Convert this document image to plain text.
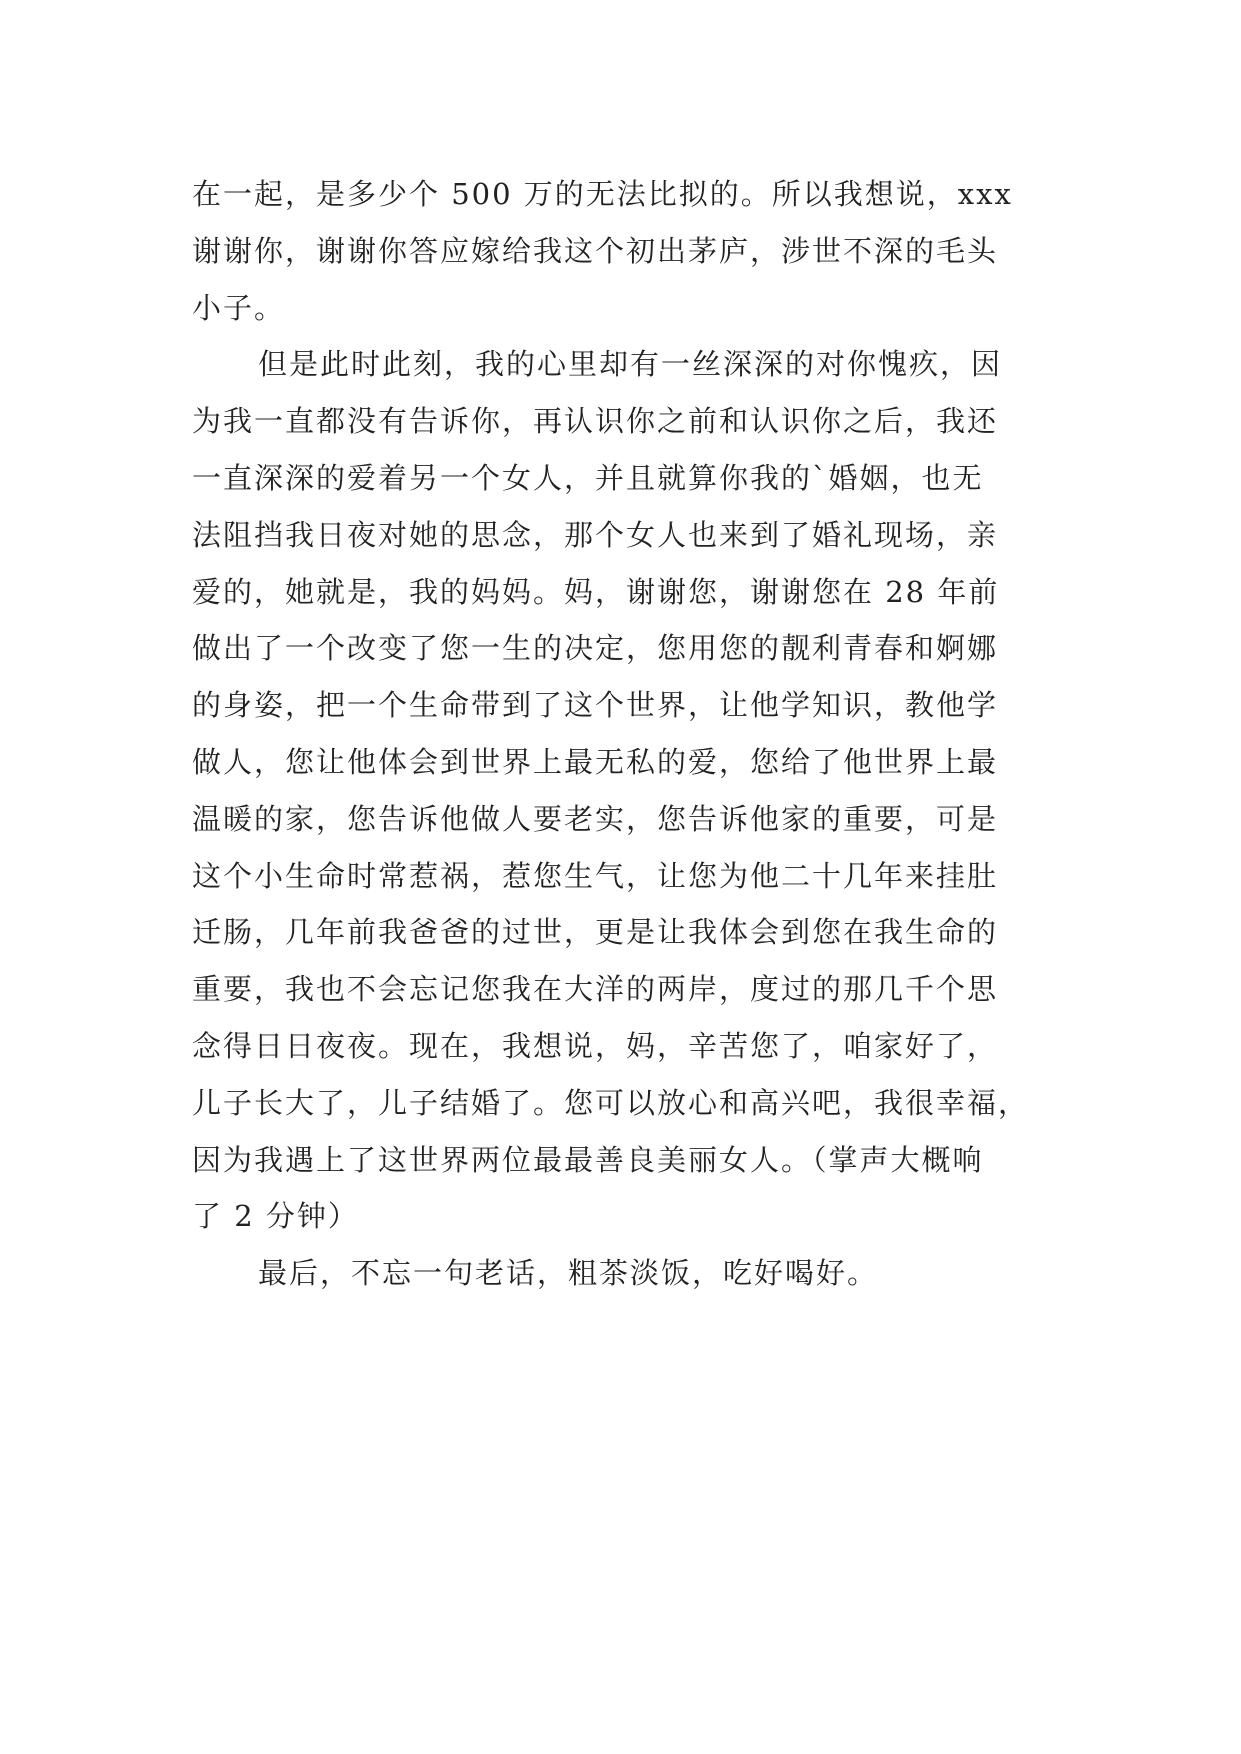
在一起，是多少个 500 万的无法比拟的。所以我想说，xxx
谢谢你，谢谢你答应嫁给我这个初出茅庐，涉世不深的毛头
小子。
但是此时此刻，我的心里却有一丝深深的对你愧疚，因
为我一直都没有告诉你，再认识你之前和认识你之后，我还
一直深深的爱着另一个女人，并且就算你我的`婚姻，也无
法阻挡我日夜对她的思念，那个女人也来到了婚礼现场，亲
爱的，她就是，我的妈妈。妈，谢谢您，谢谢您在 28 年前
做出了一个改变了您一生的决定，您用您的靓利青春和婀娜
的身姿，把一个生命带到了这个世界，让他学知识，教他学
做人，您让他体会到世界上最无私的爱，您给了他世界上最
温暖的家，您告诉他做人要老实，您告诉他家的重要，可是
这个小生命时常惹祸，惹您生气，让您为他二十几年来挂肚
迁肠，几年前我爸爸的过世，更是让我体会到您在我生命的
重要，我也不会忘记您我在大洋的两岸，度过的那几千个思
念得日日夜夜。现在，我想说，妈，辛苦您了，咱家好了，
儿子长大了，儿子结婚了。您可以放心和高兴吧，我很幸福，
因为我遇上了这世界两位最最善良美丽女人。（掌声大概响
了 2 分钟）
最后，不忘一句老话，粗茶淡饭，吃好喝好。
